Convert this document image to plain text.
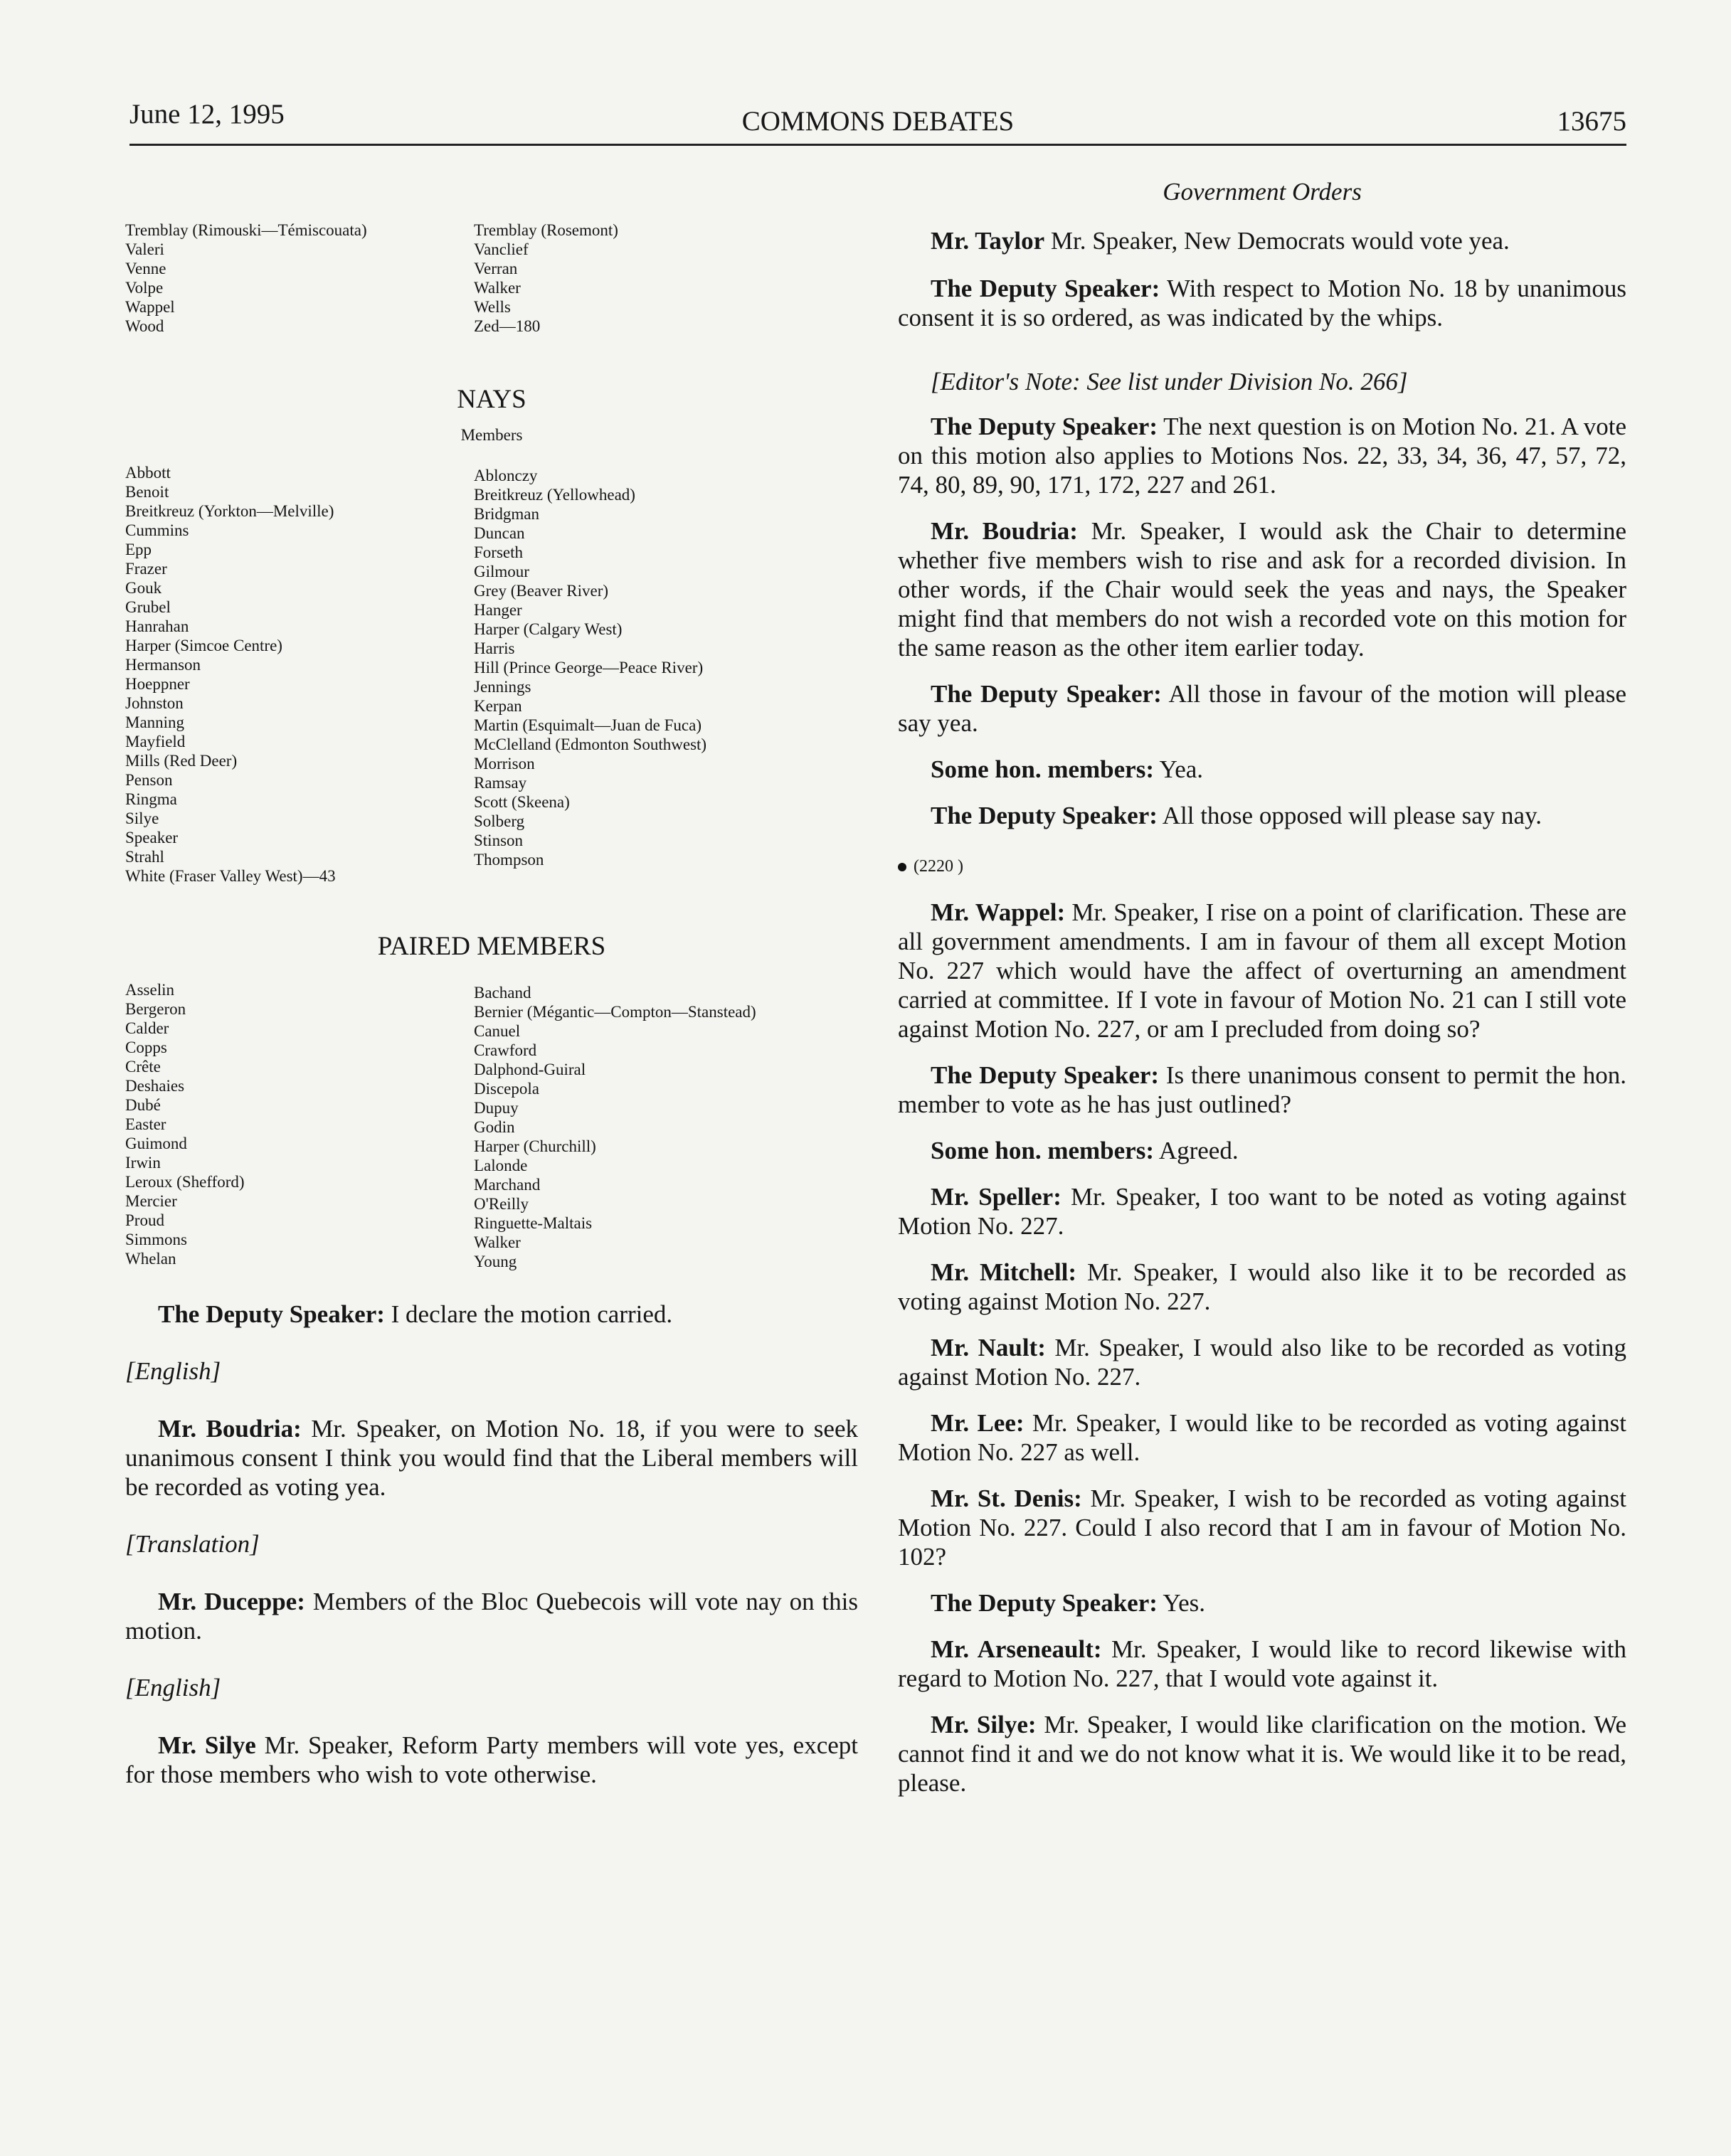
June 12, 1995	COMMONS DEBATES	13675
Tremblay (Rimouski—Témiscouata)
Valeri
Venne
Volpe
Wappel
Wood
Tremblay (Rosemont)
Vanclief
Verran
Walker
Wells
Zed—180
NAYS
Members
Abbott
Benoit
Breitkreuz (Yorkton—Melville)
Cummins
Epp
Frazer
Gouk
Grubel
Hanrahan
Harper (Simcoe Centre)
Hermanson
Hoeppner
Johnston
Manning
Mayfield
Mills (Red Deer)
Penson
Ringma
Silye
Speaker
Strahl
White (Fraser Valley West)—43
Ablonczy
Breitkreuz (Yellowhead)
Bridgman
Duncan
Forseth
Gilmour
Grey (Beaver River)
Hanger
Harper (Calgary West)
Harris
Hill (Prince George—Peace River)
Jennings
Kerpan
Martin (Esquimalt—Juan de Fuca)
McClelland (Edmonton Southwest)
Morrison
Ramsay
Scott (Skeena)
Solberg
Stinson
Thompson
PAIRED MEMBERS
Asselin
Bergeron
Calder
Copps
Crête
Deshaies
Dubé
Easter
Guimond
Irwin
Leroux (Shefford)
Mercier
Proud
Simmons
Whelan
Bachand
Bernier (Mégantic—Compton—Stanstead)
Canuel
Crawford
Dalphond-Guiral
Discepola
Dupuy
Godin
Harper (Churchill)
Lalonde
Marchand
O'Reilly
Ringuette-Maltais
Walker
Young

The Deputy Speaker: I declare the motion carried.

[English]

Mr. Boudria: Mr. Speaker, on Motion No. 18, if you were to seek unanimous consent I think you would find that the Liberal members will be recorded as voting yea.

[Translation]

Mr. Duceppe: Members of the Bloc Quebecois will vote nay on this motion.

[English]

Mr. Silye Mr. Speaker, Reform Party members will vote yes, except for those members who wish to vote otherwise.

Government Orders

Mr. Taylor Mr. Speaker, New Democrats would vote yea.

The Deputy Speaker: With respect to Motion No. 18 by unanimous consent it is so ordered, as was indicated by the whips.

[Editor's Note: See list under Division No. 266]

The Deputy Speaker: The next question is on Motion No. 21. A vote on this motion also applies to Motions Nos. 22, 33, 34, 36, 47, 57, 72, 74, 80, 89, 90, 171, 172, 227 and 261.

Mr. Boudria: Mr. Speaker, I would ask the Chair to determine whether five members wish to rise and ask for a recorded division. In other words, if the Chair would seek the yeas and nays, the Speaker might find that members do not wish a recorded vote on this motion for the same reason as the other item earlier today.

The Deputy Speaker: All those in favour of the motion will please say yea.

Some hon. members: Yea.

The Deputy Speaker: All those opposed will please say nay.

(2220 )

Mr. Wappel: Mr. Speaker, I rise on a point of clarification. These are all government amendments. I am in favour of them all except Motion No. 227 which would have the affect of overturning an amendment carried at committee. If I vote in favour of Motion No. 21 can I still vote against Motion No. 227, or am I precluded from doing so?

The Deputy Speaker: Is there unanimous consent to permit the hon. member to vote as he has just outlined?

Some hon. members: Agreed.

Mr. Speller: Mr. Speaker, I too want to be noted as voting against Motion No. 227.

Mr. Mitchell: Mr. Speaker, I would also like it to be recorded as voting against Motion No. 227.

Mr. Nault: Mr. Speaker, I would also like to be recorded as voting against Motion No. 227.

Mr. Lee: Mr. Speaker, I would like to be recorded as voting against Motion No. 227 as well.

Mr. St. Denis: Mr. Speaker, I wish to be recorded as voting against Motion No. 227. Could I also record that I am in favour of Motion No. 102?

The Deputy Speaker: Yes.

Mr. Arseneault: Mr. Speaker, I would like to record likewise with regard to Motion No. 227, that I would vote against it.

Mr. Silye: Mr. Speaker, I would like clarification on the motion. We cannot find it and we do not know what it is. We would like it to be read, please.
